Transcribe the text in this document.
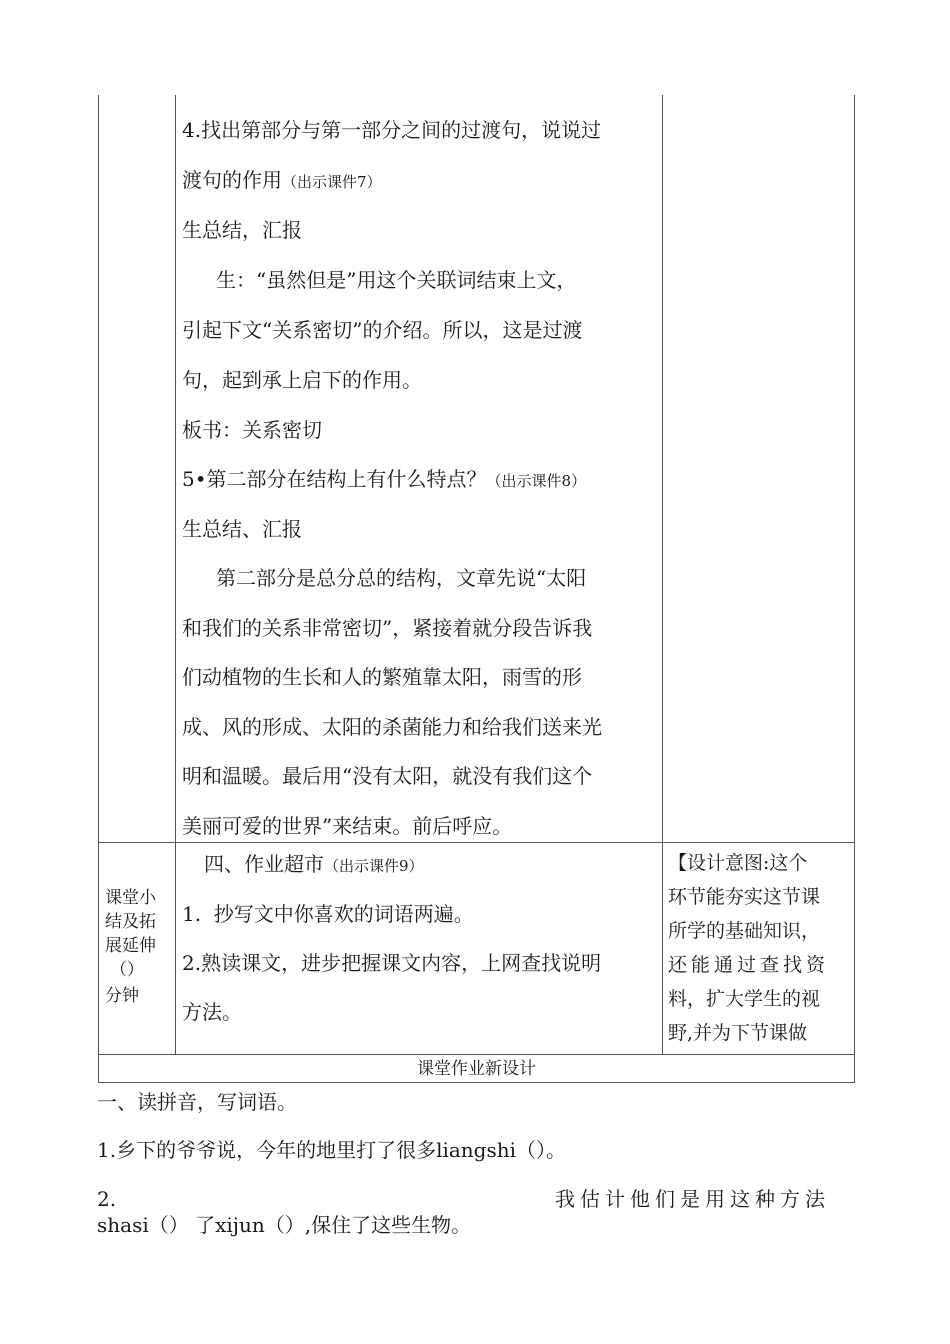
4.找出第部分与第一部分之间的过渡句，说说过
渡句的作用（出示课件7）
生总结，汇报
生：“虽然但是”用这个关联词结束上文，
引起下文“关系密切”的介绍。所以，这是过渡
句，起到承上启下的作用。
板书：关系密切
5•第二部分在结构上有什么特点？（出示课件8）
生总结、汇报
第二部分是总分总的结构，文章先说“太阳
和我们的关系非常密切”，紧接着就分段告诉我
们动植物的生长和人的繁殖靠太阳，雨雪的形
成、风的形成、太阳的杀菌能力和给我们送来光
明和温暖。最后用“没有太阳，就没有我们这个
美丽可爱的世界”来结束。前后呼应。
课堂小
结及拓
展延伸
（）
分钟
四、作业超市（出示课件9）
1.  抄写文中你喜欢的词语两遍。
2.熟读课文，进步把握课文内容，上网查找说明
方法。
【设计意图:这个
环节能夯实这节课
所学的基础知识，
还能通过查找资
料，扩大学生的视
野,并为下节课做
课堂作业新设计
一、读拼音，写词语。
1.乡下的爷爷说，今年的地里打了很多liangshi（）。
2.	我估计他们是用这种方法
shasi（） 了xijun（）,保住了这些生物。
